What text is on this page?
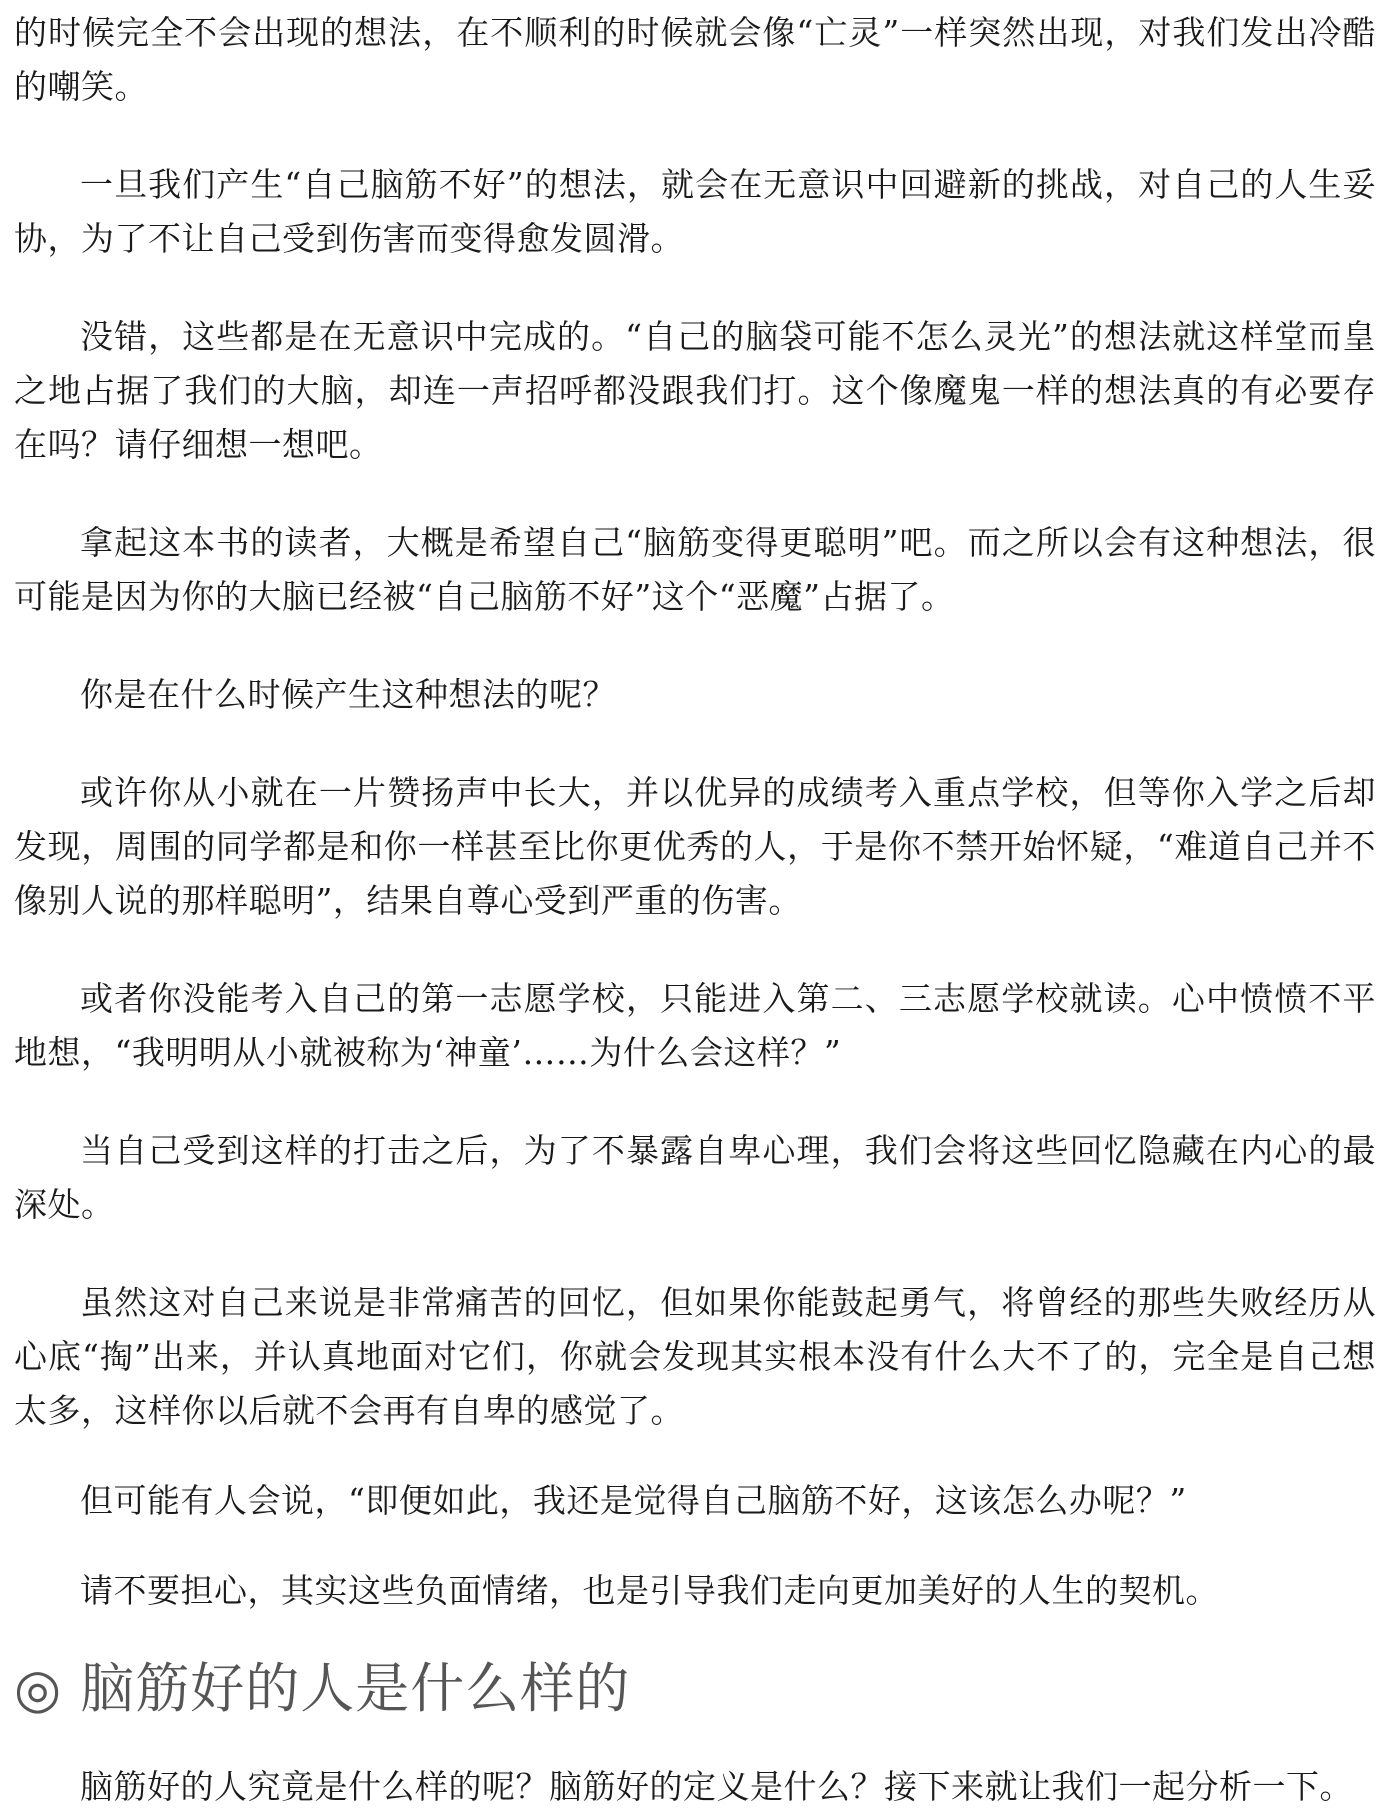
的时候完全不会出现的想法，在不顺利的时候就会像“亡灵”一样突然出现，对我们发出冷酷的嘲笑。

一旦我们产生“自己脑筋不好”的想法，就会在无意识中回避新的挑战，对自己的人生妥协，为了不让自己受到伤害而变得愈发圆滑。

没错，这些都是在无意识中完成的。“自己的脑袋可能不怎么灵光”的想法就这样堂而皇之地占据了我们的大脑，却连一声招呼都没跟我们打。这个像魔鬼一样的想法真的有必要存在吗？请仔细想一想吧。

拿起这本书的读者，大概是希望自己“脑筋变得更聪明”吧。而之所以会有这种想法，很可能是因为你的大脑已经被“自己脑筋不好”这个“恶魔”占据了。

你是在什么时候产生这种想法的呢？

或许你从小就在一片赞扬声中长大，并以优异的成绩考入重点学校，但等你入学之后却发现，周围的同学都是和你一样甚至比你更优秀的人，于是你不禁开始怀疑，“难道自己并不像别人说的那样聪明”，结果自尊心受到严重的伤害。

或者你没能考入自己的第一志愿学校，只能进入第二、三志愿学校就读。心中愤愤不平地想，“我明明从小就被称为‘神童’……为什么会这样？”

当自己受到这样的打击之后，为了不暴露自卑心理，我们会将这些回忆隐藏在内心的最深处。

虽然这对自己来说是非常痛苦的回忆，但如果你能鼓起勇气，将曾经的那些失败经历从心底“掏”出来，并认真地面对它们，你就会发现其实根本没有什么大不了的，完全是自己想太多，这样你以后就不会再有自卑的感觉了。

但可能有人会说，“即便如此，我还是觉得自己脑筋不好，这该怎么办呢？”

请不要担心，其实这些负面情绪，也是引导我们走向更加美好的人生的契机。

◎ 脑筋好的人是什么样的

脑筋好的人究竟是什么样的呢？脑筋好的定义是什么？接下来就让我们一起分析一下。
